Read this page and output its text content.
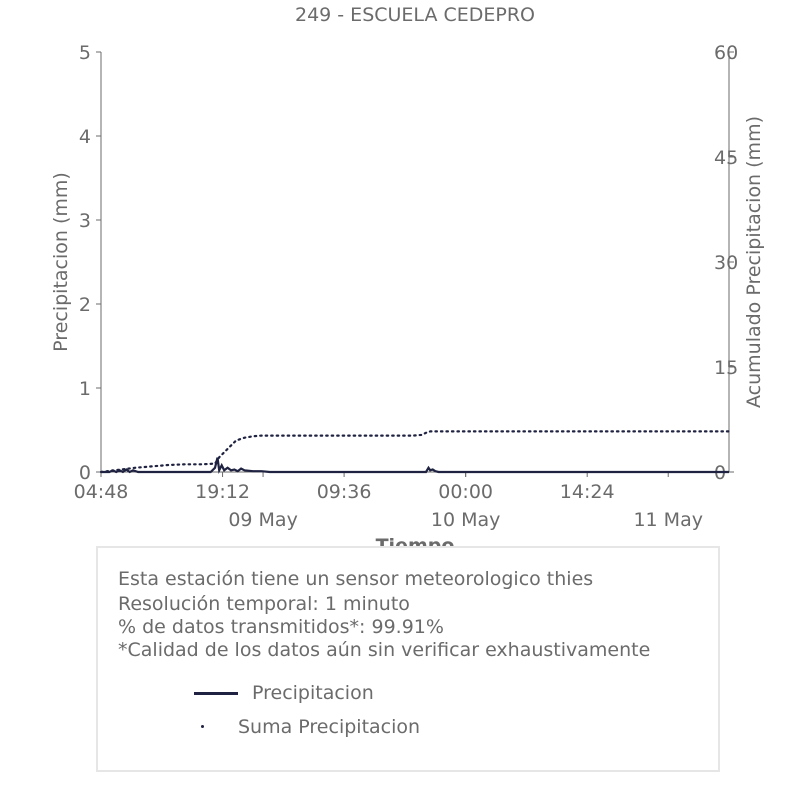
249 - ESCUELA CEDEPRO
Precipitacion (mm)	Acumulado Precipitacion (mm)
0
1
2
3
4
5
0
15
30
45
60
04:48	19:12	09:36	00:00	14:24
09 May	10 May	11 May
Esta estación tiene un sensor meteorologico thies
Resolución temporal: 1 minuto
% de datos transmitidos*: 99.91%
*Calidad de los datos aún sin verificar exhaustivamente
Precipitacion
Suma Precipitacion
